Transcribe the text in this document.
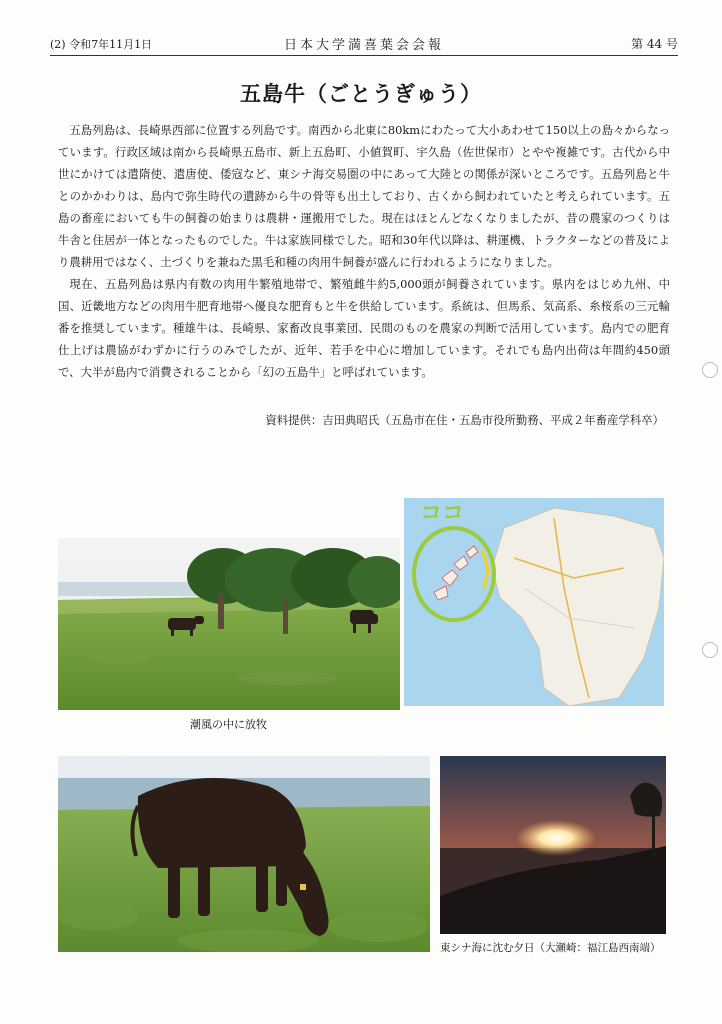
(2) 令和7年11月1日	日本大学満喜葉会会報	第 44 号
五島牛（ごとうぎゅう）

五島列島は、長崎県西部に位置する列島です。南西から北東に80kmにわたって大小あわせて150以上の島々からなっています。行政区域は南から長崎県五島市、新上五島町、小値賀町、宇久島（佐世保市）とやや複雑です。古代から中世にかけては遣隋使、遣唐使、倭寇など、東シナ海交易圏の中にあって大陸との関係が深いところです。五島列島と牛とのかかわりは、島内で弥生時代の遺跡から牛の骨等も出土しており、古くから飼われていたと考えられています。五島の畜産においても牛の飼養の始まりは農耕・運搬用でした。現在はほとんどなくなりましたが、昔の農家のつくりは牛舎と住居が一体となったものでした。牛は家族同様でした。昭和30年代以降は、耕運機、トラクターなどの普及により農耕用ではなく、土づくりを兼ねた黒毛和種の肉用牛飼養が盛んに行われるようになりました。

現在、五島列島は県内有数の肉用牛繁殖地帯で、繁殖雌牛約5,000頭が飼養されています。県内をはじめ九州、中国、近畿地方などの肉用牛肥育地帯へ優良な肥育もと牛を供給しています。系統は、但馬系、気高系、糸桜系の三元輪番を推奨しています。種雄牛は、長崎県、家畜改良事業団、民間のものを農家の判断で活用しています。島内での肥育仕上げは農協がわずかに行うのみでしたが、近年、若手を中心に増加しています。それでも島内出荷は年間約450頭で、大半が島内で消費されることから「幻の五島牛」と呼ばれています。

資料提供：吉田典昭氏（五島市在住・五島市役所勤務、平成２年畜産学科卒）
潮風の中に放牧
ココ
東シナ海に沈む夕日（大瀬崎：福江島西南端）
